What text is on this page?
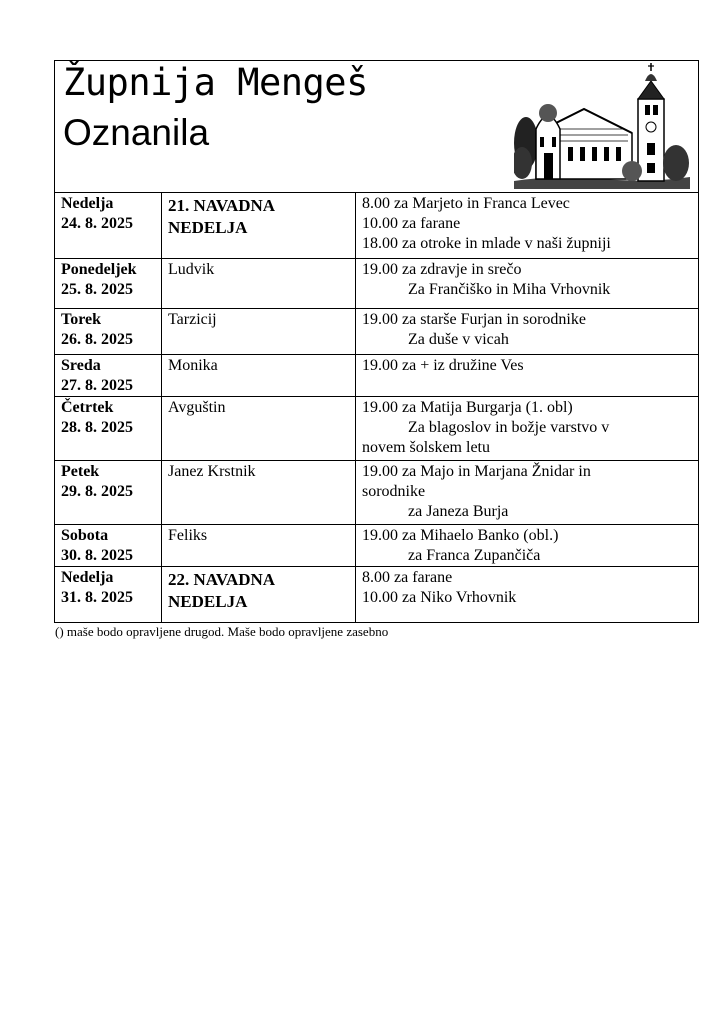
Župnija Mengeš
Oznanila
Nedelja
24. 8. 2025	21. NAVADNA NEDELJA	8.00 za Marjeto in Franca Levec
10.00 za farane
18.00 za otroke in mlade v naši župniji

Ponedeljek
25. 8. 2025	Ludvik	19.00 za zdravje in srečo
Za Frančiško in Miha Vrhovnik

Torek
26. 8. 2025	Tarzicij	19.00 za starše Furjan in sorodnike
Za duše v vicah

Sreda
27. 8. 2025	Monika	19.00 za + iz družine Ves

Četrtek
28. 8. 2025	Avguštin	19.00 za Matija Burgarja (1. obl)
Za blagoslov in božje varstvo v
novem šolskem letu

Petek
29. 8. 2025	Janez Krstnik	19.00 za Majo in Marjana Žnidar in
sorodnike
za Janeza Burja

Sobota
30. 8. 2025	Feliks	19.00 za Mihaelo Banko (obl.)
za Franca Zupančiča

Nedelja
31. 8. 2025	22. NAVADNA NEDELJA	8.00 za farane
10.00 za Niko Vrhovnik
() maše bodo opravljene drugod. Maše bodo opravljene zasebno
